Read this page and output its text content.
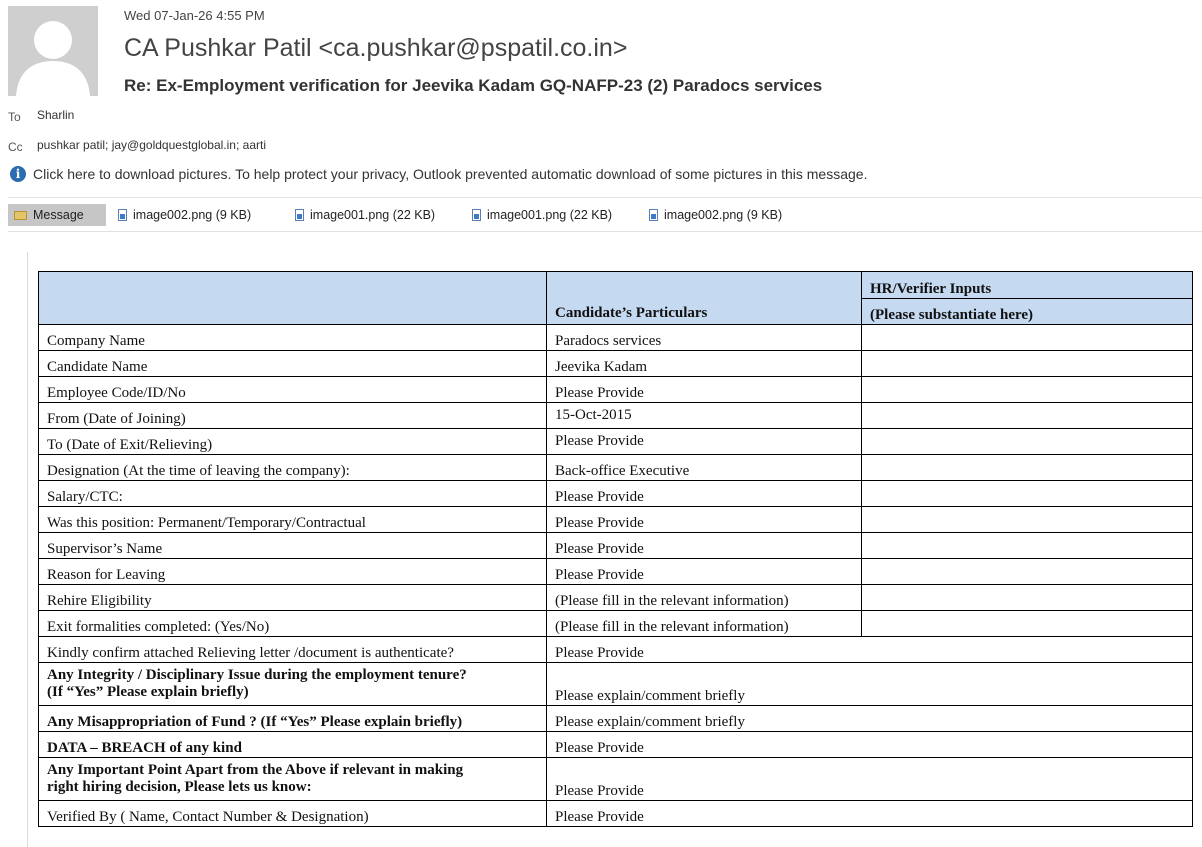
Wed 07-Jan-26 4:55 PM
CA Pushkar Patil <ca.pushkar@pspatil.co.in>
Re: Ex-Employment verification for Jeevika Kadam GQ-NAFP-23 (2) Paradocs services
To Sharlin
Cc pushkar patil; jay@goldquestglobal.in; aarti
i Click here to download pictures. To help protect your privacy, Outlook prevented automatic download of some pictures in this message.
Message	image002.png (9 KB)	image001.png (22 KB)	image001.png (22 KB)	image002.png (9 KB)
	Candidate’s Particulars	HR/Verifier Inputs
		(Please substantiate here)
Company Name	Paradocs services	
Candidate Name	Jeevika Kadam	
Employee Code/ID/No	Please Provide	
From (Date of Joining)	15-Oct-2015	
To (Date of Exit/Relieving)	Please Provide	
Designation (At the time of leaving the company):	Back-office Executive	
Salary/CTC:	Please Provide	
Was this position: Permanent/Temporary/Contractual	Please Provide	
Supervisor’s Name	Please Provide	
Reason for Leaving	Please Provide	
Rehire Eligibility	(Please fill in the relevant information)	
Exit formalities completed: (Yes/No)	(Please fill in the relevant information)	
Kindly confirm attached Relieving letter /document is authenticate?	Please Provide	
Any Integrity / Disciplinary Issue during the employment tenure?
(If “Yes” Please explain briefly)	Please explain/comment briefly	
Any Misappropriation of Fund ? (If “Yes” Please explain briefly)	Please explain/comment briefly	
DATA – BREACH of any kind	Please Provide	
Any Important Point Apart from the Above if relevant in making
right hiring decision, Please lets us know:	Please Provide	
Verified By ( Name, Contact Number & Designation)	Please Provide	
